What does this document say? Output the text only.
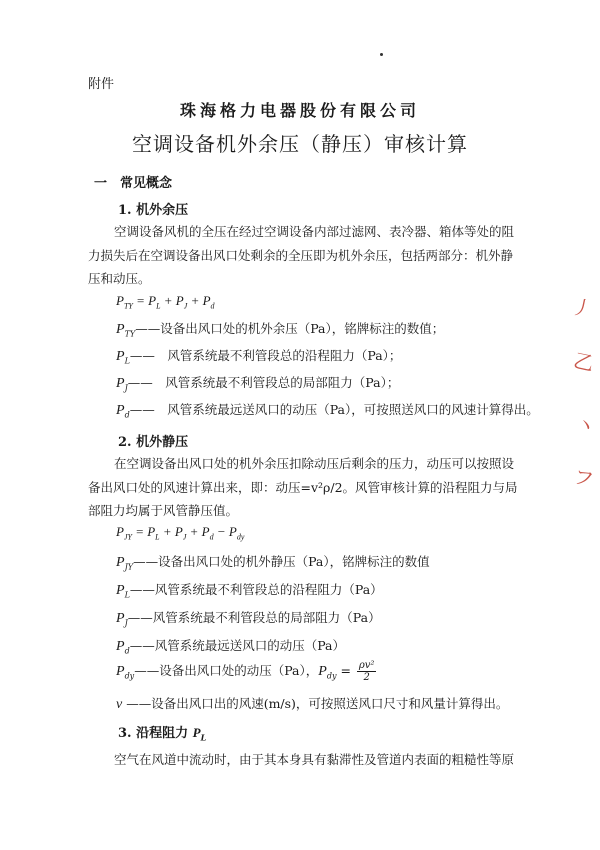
附件
珠海格力电器股份有限公司
空调设备机外余压（静压）审核计算
一　常见概念
1. 机外余压

空调设备风机的全压在经过空调设备内部过滤网、表冷器、箱体等处的阻力损失后在空调设备出风口处剩余的全压即为机外余压，包括两部分：机外静压和动压。

$P_{TY} = P_L + P_J + P_d$
$P_{TY}——$设备出风口处的机外余压（Pa），铭牌标注的数值；
$P_L——$　风管系统最不利管段总的沿程阻力（Pa）；
$P_J——$　风管系统最不利管段总的局部阻力（Pa）；
$P_d——$　风管系统最远送风口的动压（Pa），可按照送风口的风速计算得出。
2. 机外静压

在空调设备出风口处的机外余压扣除动压后剩余的压力，动压可以按照设备出风口处的风速计算出来，即：动压=v²ρ/2。风管审核计算的沿程阻力与局部阻力均属于风管静压值。

$P_{JY} = P_L + P_J + P_d - P_{dy}$
$P_{JY}——$设备出风口处的机外静压（Pa），铭牌标注的数值
$P_L——$风管系统最不利管段总的沿程阻力（Pa）
$P_J——$风管系统最不利管段总的局部阻力（Pa）
$P_d——$风管系统最远送风口的动压（Pa）
$P_{dy}——$设备出风口处的动压（Pa），$P_{dy} = \frac{\text{ρv²}}{2}$
v ——设备出风口出的风速(m/s)，可按照送风口尺寸和风量计算得出。
3. 沿程阻力 $P_L$

空气在风道中流动时，由于其本身具有黏滞性及管道内表面的粗糙性等原

丿
乙
丶
フ
